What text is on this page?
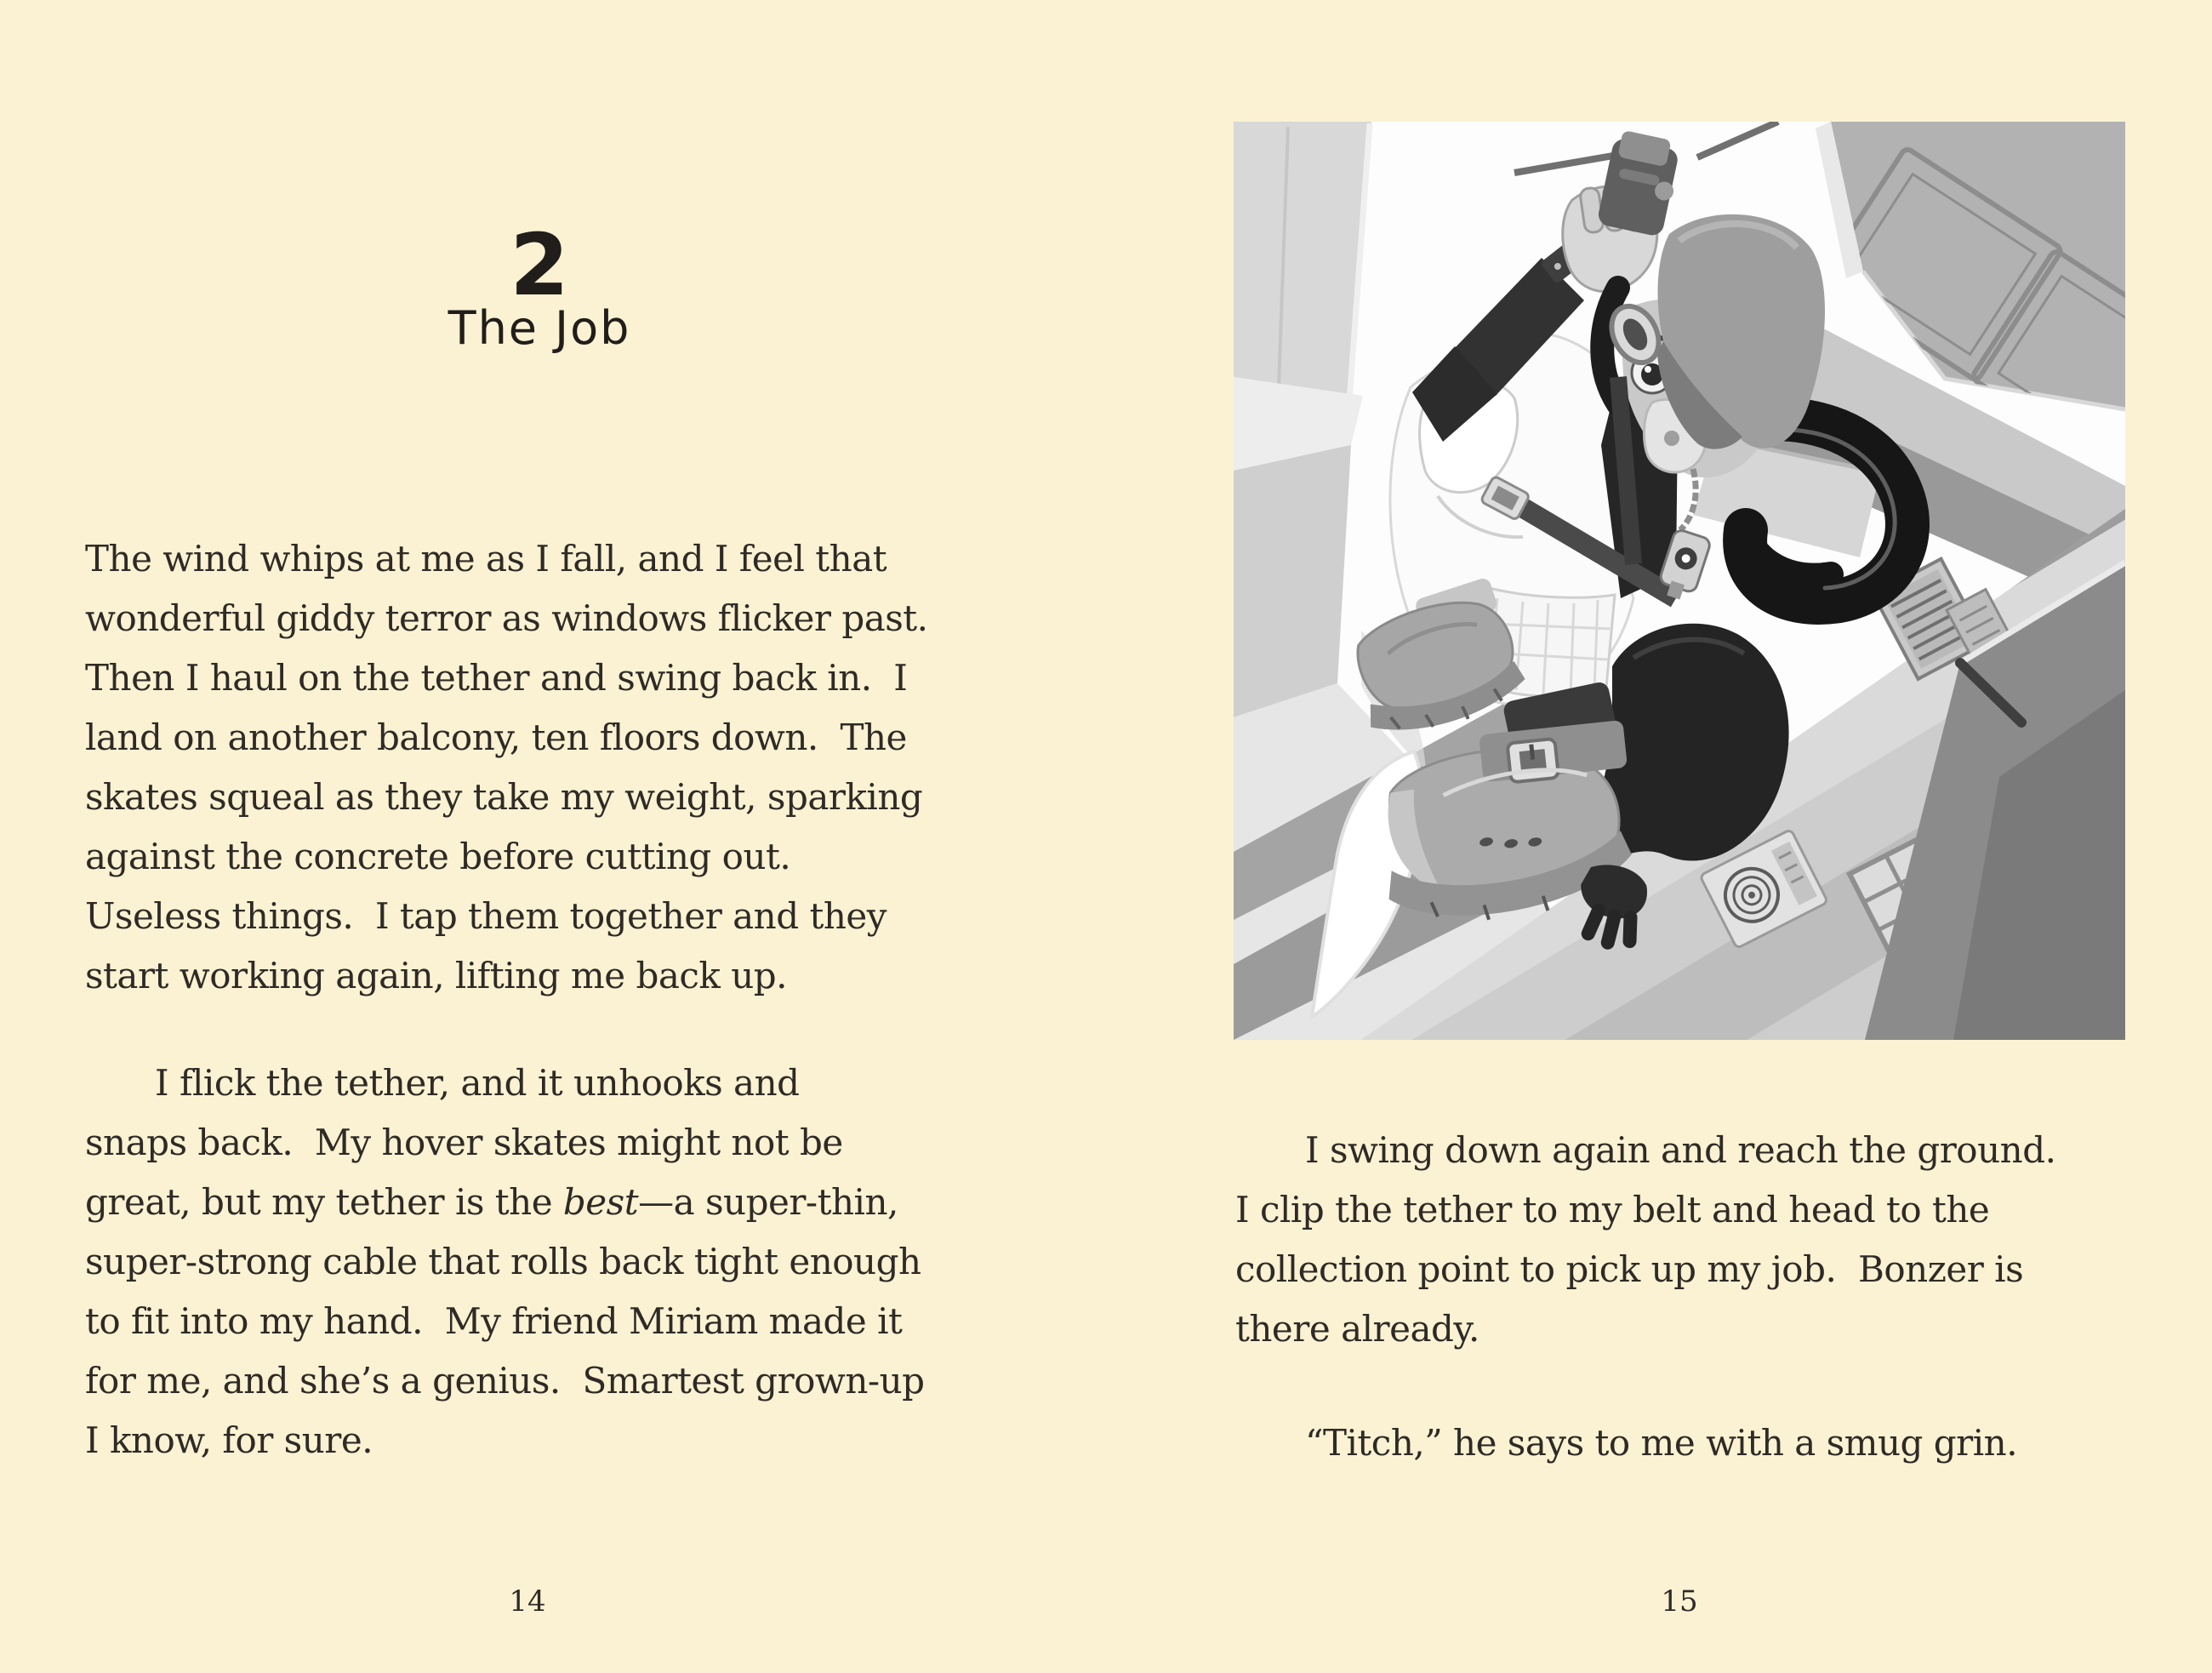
2
The Job
The wind whips at me as I fall, and I feel that
wonderful giddy terror as windows flicker past.
Then I haul on the tether and swing back in.  I
land on another balcony, ten floors down.  The
skates squeal as they take my weight, sparking
against the concrete before cutting out.
Useless things.  I tap them together and they
start working again, lifting me back up.
I flick the tether, and it unhooks and
snaps back.  My hover skates might not be
great, but my tether is the best—a super-thin,
super-strong cable that rolls back tight enough
to fit into my hand.  My friend Miriam made it
for me, and she’s a genius.  Smartest grown-up
I know, for sure.
14
I swing down again and reach the ground.
I clip the tether to my belt and head to the
collection point to pick up my job.  Bonzer is
there already.
“Titch,” he says to me with a smug grin.
15
